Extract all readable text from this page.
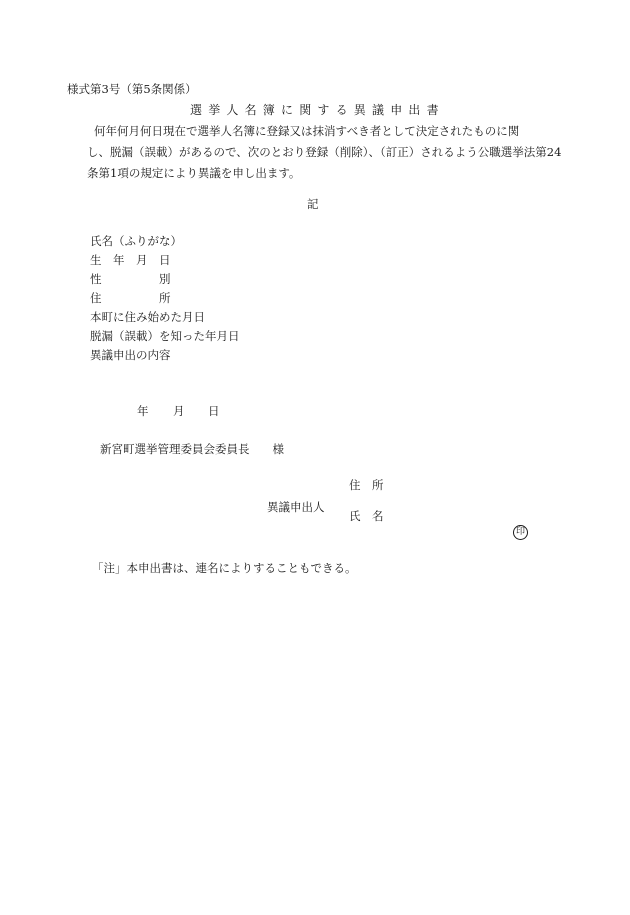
様式第3号（第5条関係）
選挙人名簿に関する異議申出書
何年何月何日現在で選挙人名簿に登録又は抹消すべき者として決定されたものに関
し、脱漏（誤載）があるので、次のとおり登録（削除）、（訂正）されるよう公職選挙法第24
条第1項の規定により異議を申し出ます。
記
氏名（ふりがな）
生　年　月　日
性　　　　　別
住　　　　　所
本町に住み始めた月日
脱漏（誤載）を知った年月日
異議申出の内容
年 月 日
新宮町選挙管理委員会委員長　　様
住　所
異議申出人
氏　名
印
「注」本申出書は、連名によりすることもできる。
